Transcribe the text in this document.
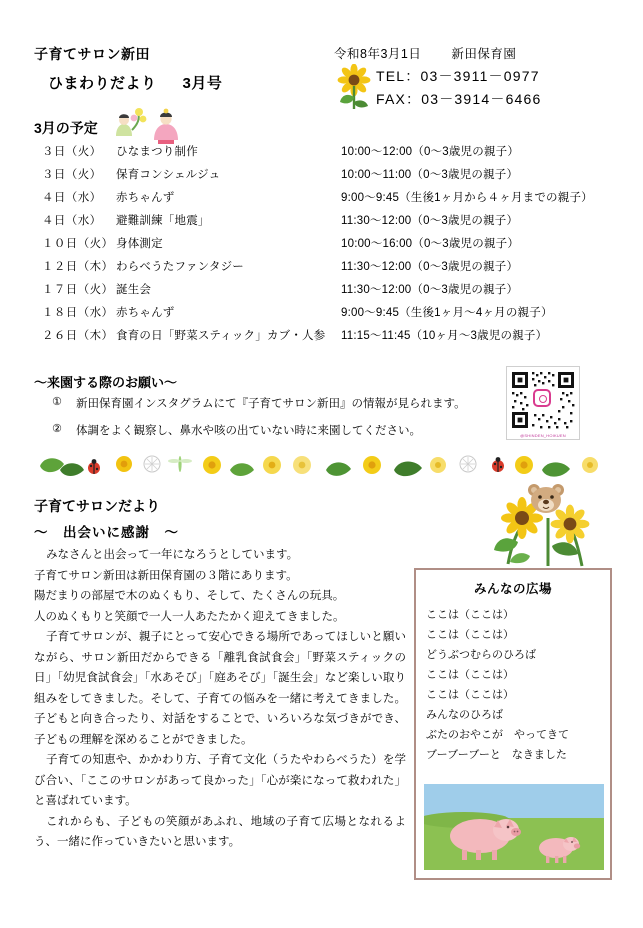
子育てサロン新田
ひまわりだより 3月号
令和8年3月1日 新田保育園
TEL：03－3911－0977
FAX：03－3914－6466
3月の予定
３日（火）	ひなまつり制作	10:00～12:00（0～3歳児の親子）
３日（火）	保育コンシェルジュ	10:00～11:00（0～3歳児の親子）
４日（水）	赤ちゃんず	9:00～9:45（生後1ヶ月から４ヶ月までの親子）
４日（水）	避難訓練「地震」	11:30～12:00（0～3歳児の親子）
１０日（火） 身体測定	10:00～16:00（0～3歳児の親子）
１２日（木） わらべうたファンタジー	11:30～12:00（0～3歳児の親子）
１７日（火） 誕生会	11:30～12:00（0～3歳児の親子）
１８日（水） 赤ちゃんず	9:00～9:45（生後1ヶ月～4ヶ月の親子）
２６日（木） 食育の日「野菜スティック」カブ・人参 11:15～11:45（10ヶ月～3歳児の親子）
～来園する際のお願い～
① 新田保育園インスタグラムにて『子育てサロン新田』の情報が見られます。
② 体調をよく観察し、鼻水や咳の出ていない時に来園してください。	@SHINDEN_HOIKUEN
子育てサロンだより
～　出会いに感謝　～

みなさんと出会って一年になろうとしています。

子育てサロン新田は新田保育園の３階にあります。

陽だまりの部屋で木のぬくもり、そして、たくさんの玩具。

人のぬくもりと笑顔で一人一人あたたかく迎えてきました。

子育てサロンが、親子にとって安心できる場所であってほしいと願いながら、サロン新田だからできる「離乳食試食会」「野菜スティックの日」「幼児食試食会」「水あそび」「庭あそび」「誕生会」など楽しい取り組みをしてきました。そして、子育ての悩みを一緒に考えてきました。子どもと向き合ったり、対話をすることで、いろいろな気づきができ、子どもの理解を深めることができました。

子育ての知恵や、かかわり方、子育て文化（うたやわらべうた）を学び合い、「ここのサロンがあって良かった」「心が楽になって救われた」と喜ばれています。

これからも、子どもの笑顔があふれ、地域の子育て広場となれるよう、一緒に作っていきたいと思います。

みんなの広場
ここは（ここは）
ここは（ここは）
どうぶつむらのひろば
ここは（ここは）
ここは（ここは）
みんなのひろば
ぶたのおやこが　やってきて
ブーブーブーと　なきました
